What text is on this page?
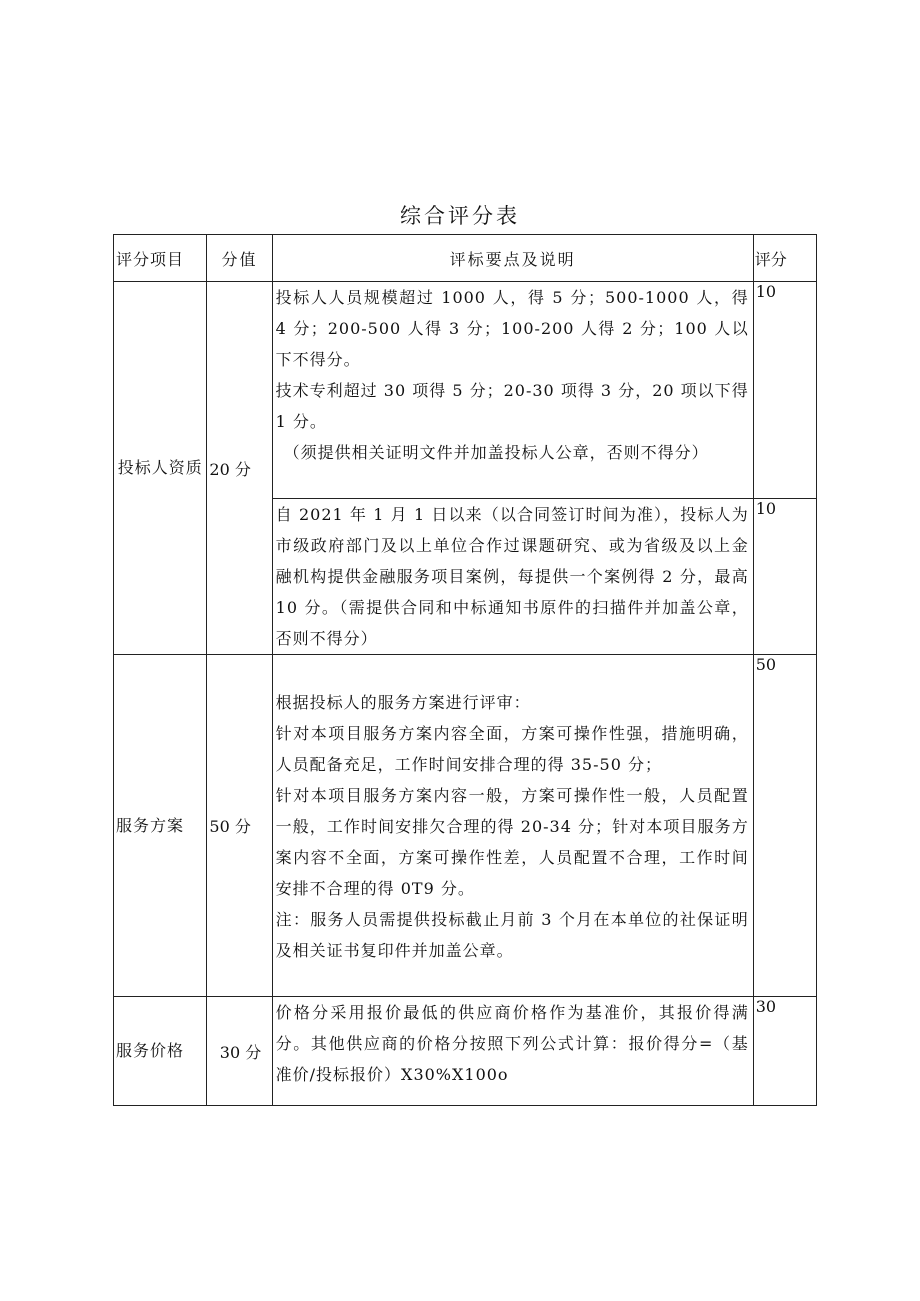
综合评分表
评分项目	分值	评标要点及说明	评分
投标人资质	20 分	投标人人员规模超过 1000 人，得 5 分；500-1000 人，得 4 分；200-500 人得 3 分；100-200 人得 2 分；100 人以下不得分。

技术专利超过 30 项得 5 分；20-30 项得 3 分，20 项以下得 1 分。

（须提供相关证明文件并加盖投标人公章，否则不得分）	10
		自 2021 年 1 月 1 日以来（以合同签订时间为准），投标人为市级政府部门及以上单位合作过课题研究、或为省级及以上金融机构提供金融服务项目案例，每提供一个案例得 2 分，最高 10 分。（需提供合同和中标通知书原件的扫描件并加盖公章，否则不得分）	10
服务方案	50 分	根据投标人的服务方案进行评审：

针对本项目服务方案内容全面，方案可操作性强，措施明确，人员配备充足，工作时间安排合理的得 35-50 分；

针对本项目服务方案内容一般，方案可操作性一般，人员配置一般，工作时间安排欠合理的得 20-34 分；针对本项目服务方案内容不全面，方案可操作性差，人员配置不合理，工作时间安排不合理的得 0T9 分。

注：服务人员需提供投标截止月前 3 个月在本单位的社保证明及相关证书复印件并加盖公章。	50
服务价格	30 分	价格分采用报价最低的供应商价格作为基准价，其报价得满分。其他供应商的价格分按照下列公式计算：报价得分=（基准价/投标报价）X30%X100o	30
